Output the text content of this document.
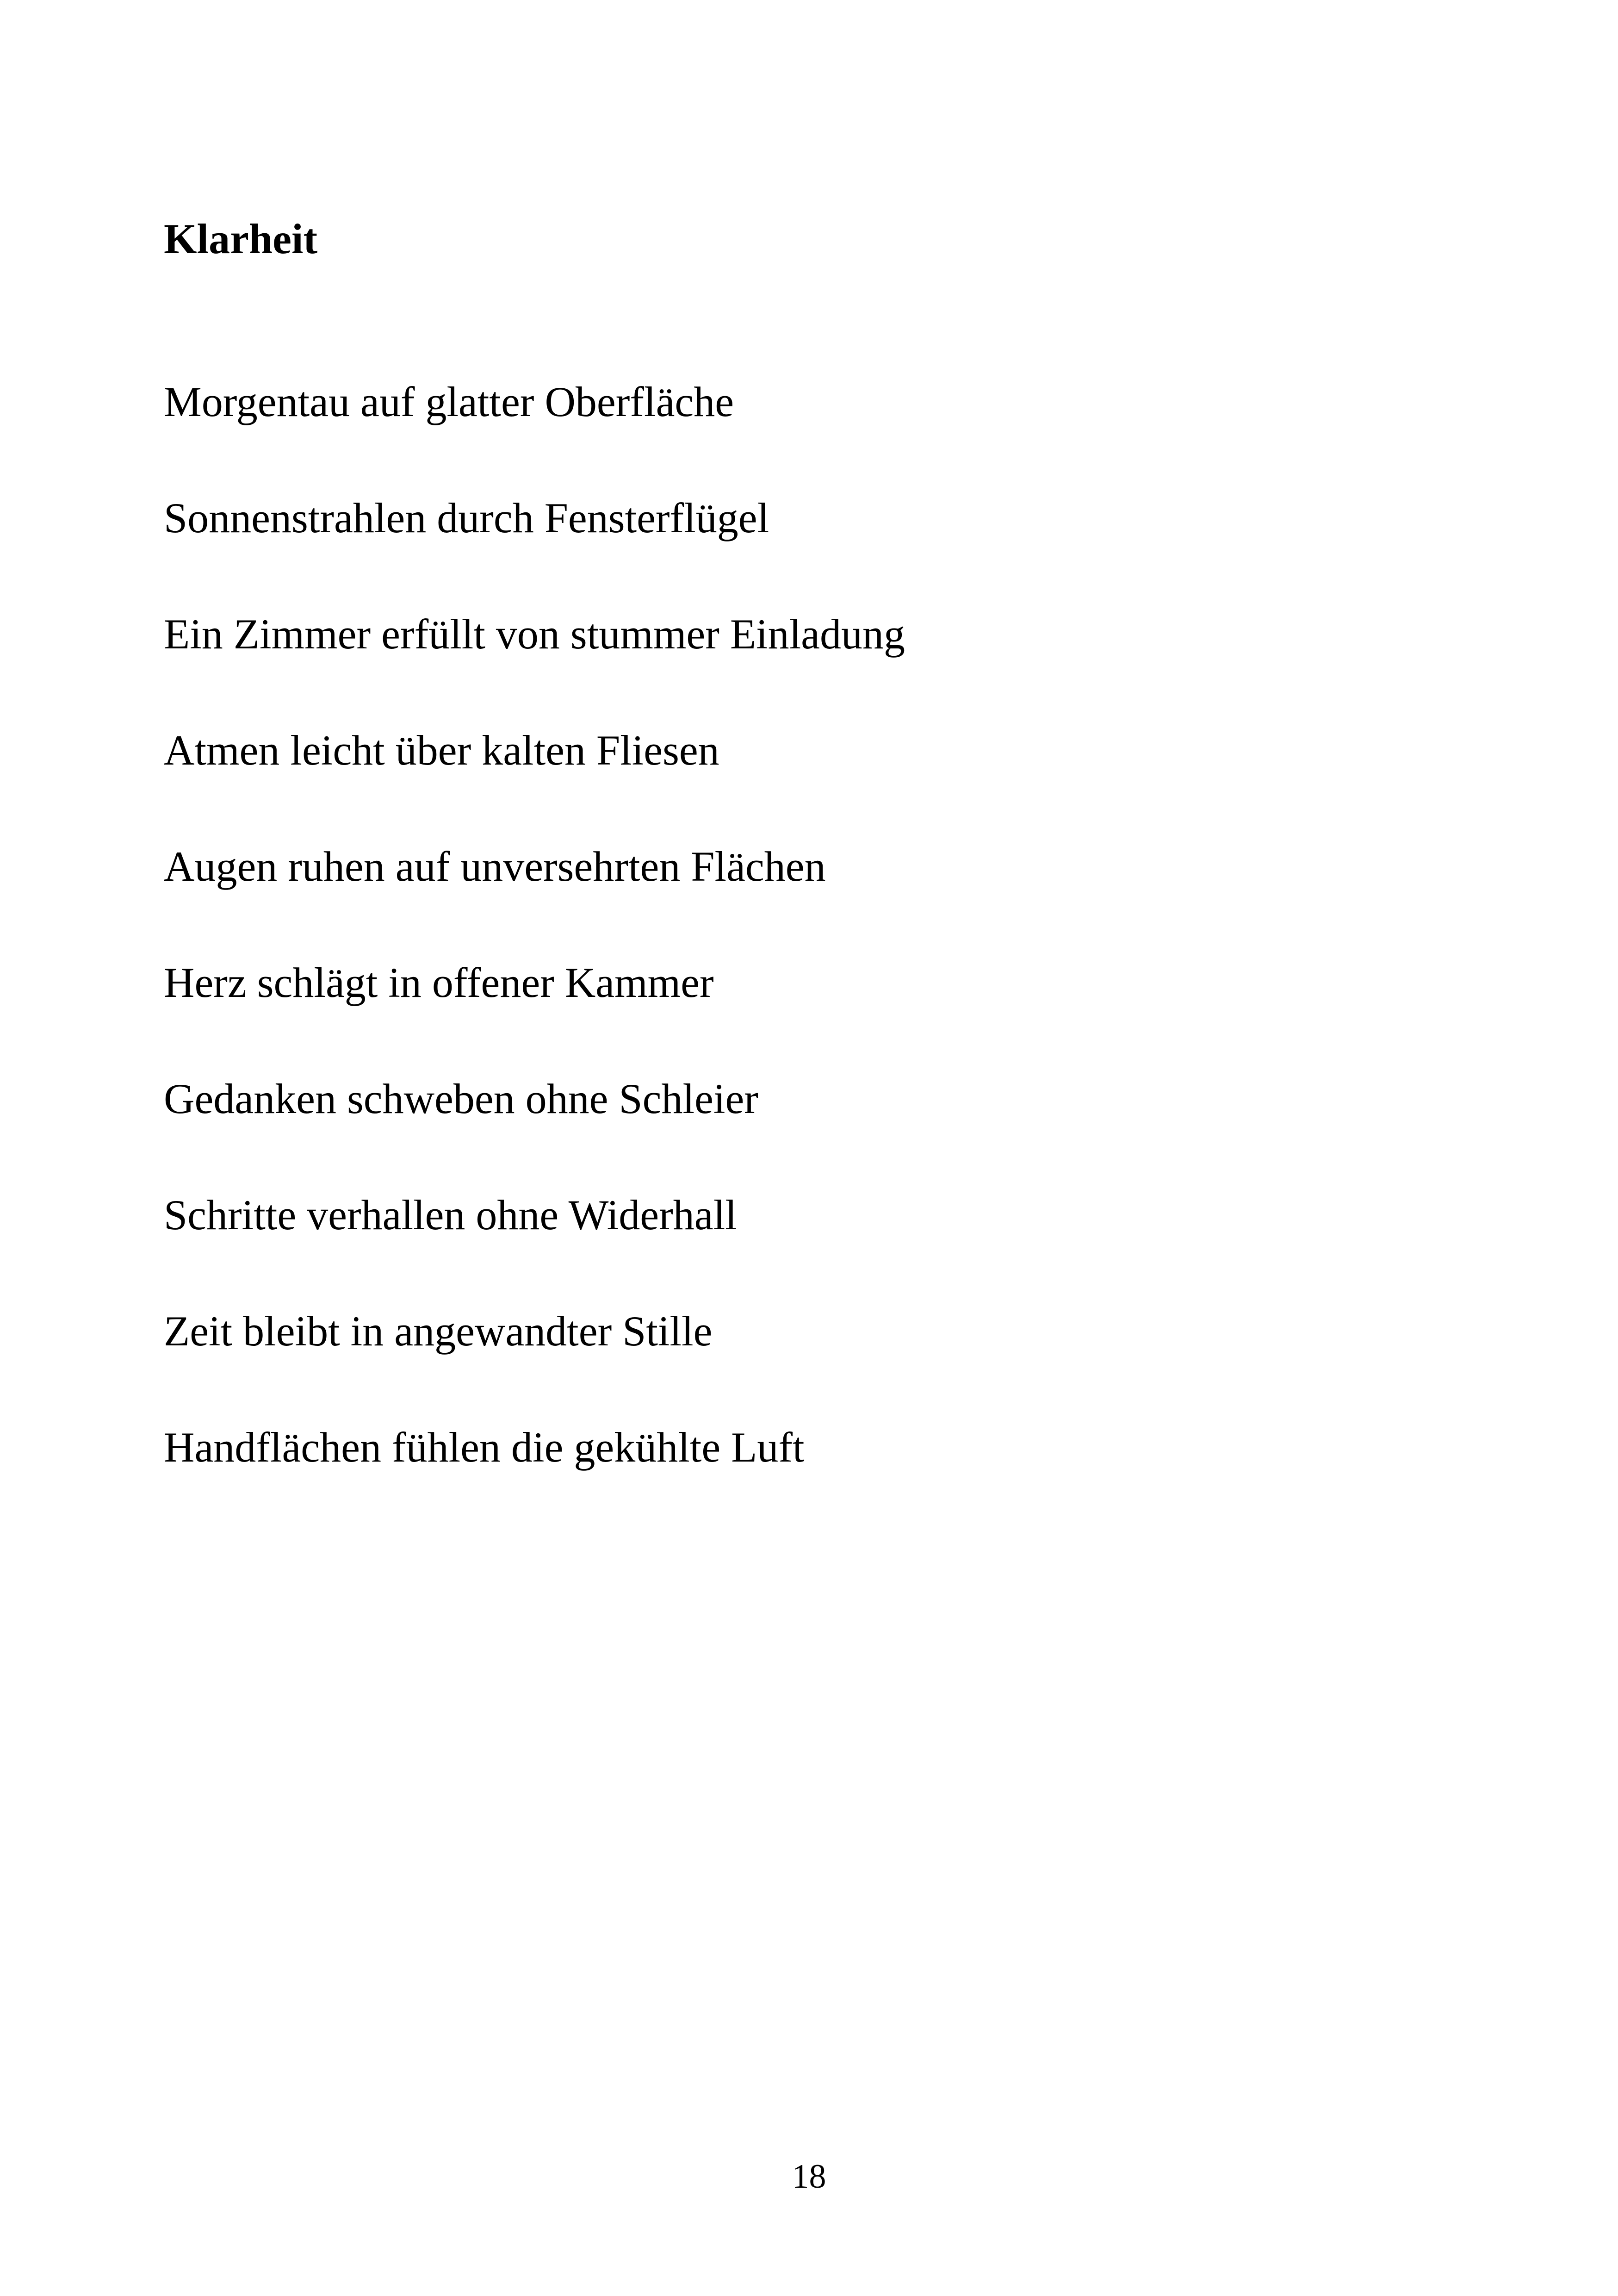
Klarheit
Morgentau auf glatter Oberfläche
Sonnenstrahlen durch Fensterflügel
Ein Zimmer erfüllt von stummer Einladung
Atmen leicht über kalten Fliesen
Augen ruhen auf unversehrten Flächen
Herz schlägt in offener Kammer
Gedanken schweben ohne Schleier
Schritte verhallen ohne Widerhall
Zeit bleibt in angewandter Stille
Handflächen fühlen die gekühlte Luft
18
